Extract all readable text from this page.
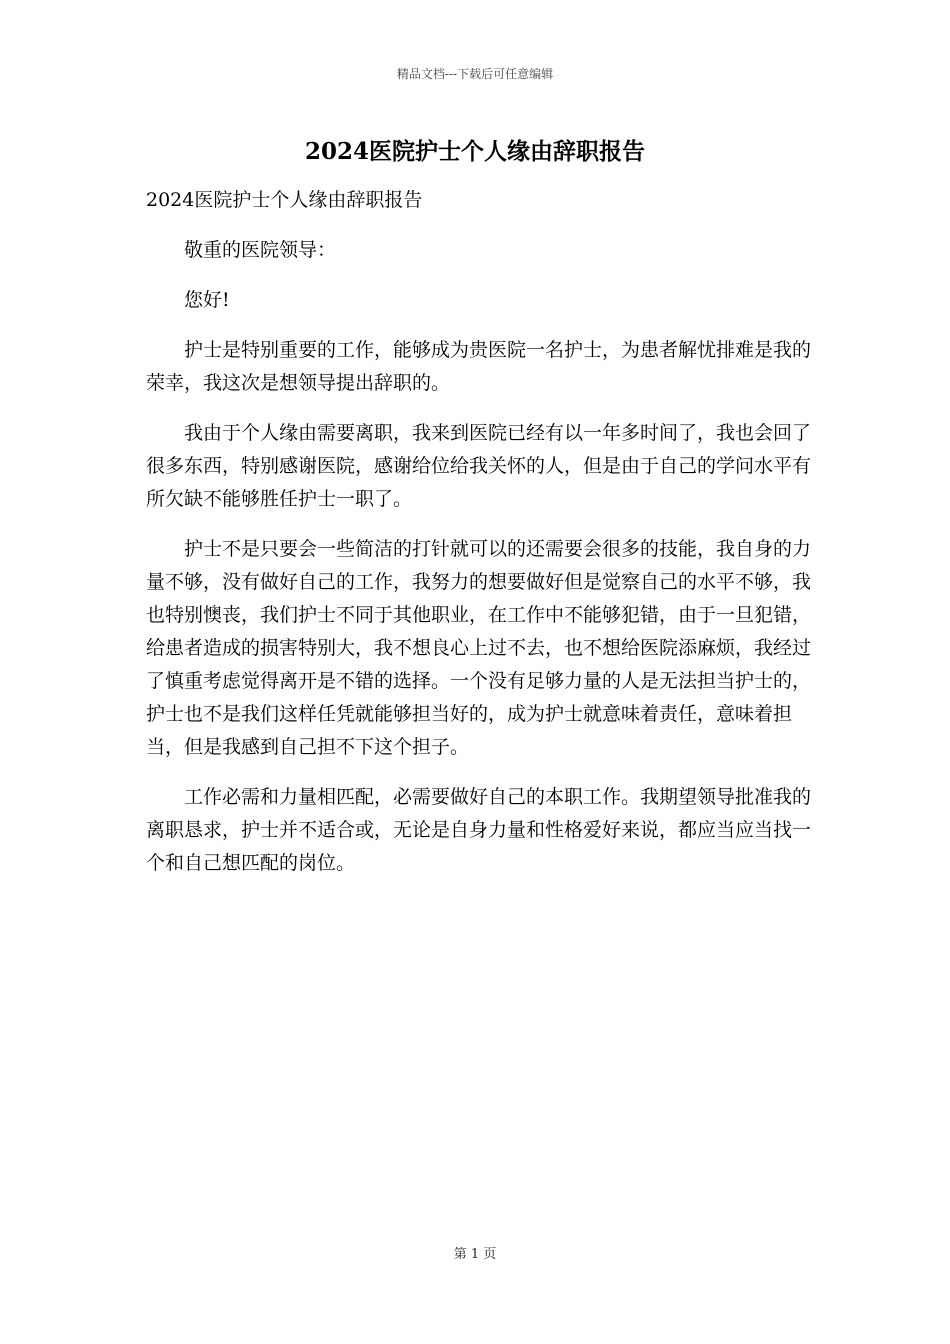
精品文档---下载后可任意编辑
2024医院护士个人缘由辞职报告

2024医院护士个人缘由辞职报告

敬重的医院领导：

您好!

护士是特别重要的工作，能够成为贵医院一名护士，为患者解忧排难是我的荣幸，我这次是想领导提出辞职的。

我由于个人缘由需要离职，我来到医院已经有以一年多时间了，我也会回了很多东西，特别感谢医院，感谢给位给我关怀的人，但是由于自己的学问水平有所欠缺不能够胜任护士一职了。

护士不是只要会一些简洁的打针就可以的还需要会很多的技能，我自身的力量不够，没有做好自己的工作，我努力的想要做好但是觉察自己的水平不够，我也特别懊丧，我们护士不同于其他职业，在工作中不能够犯错，由于一旦犯错，给患者造成的损害特别大，我不想良心上过不去，也不想给医院添麻烦，我经过了慎重考虑觉得离开是不错的选择。一个没有足够力量的人是无法担当护士的，护士也不是我们这样任凭就能够担当好的，成为护士就意味着责任，意味着担当，但是我感到自己担不下这个担子。

工作必需和力量相匹配，必需要做好自己的本职工作。我期望领导批准我的离职恳求，护士并不适合或，无论是自身力量和性格爱好来说，都应当应当找一个和自己想匹配的岗位。

第 1 页
